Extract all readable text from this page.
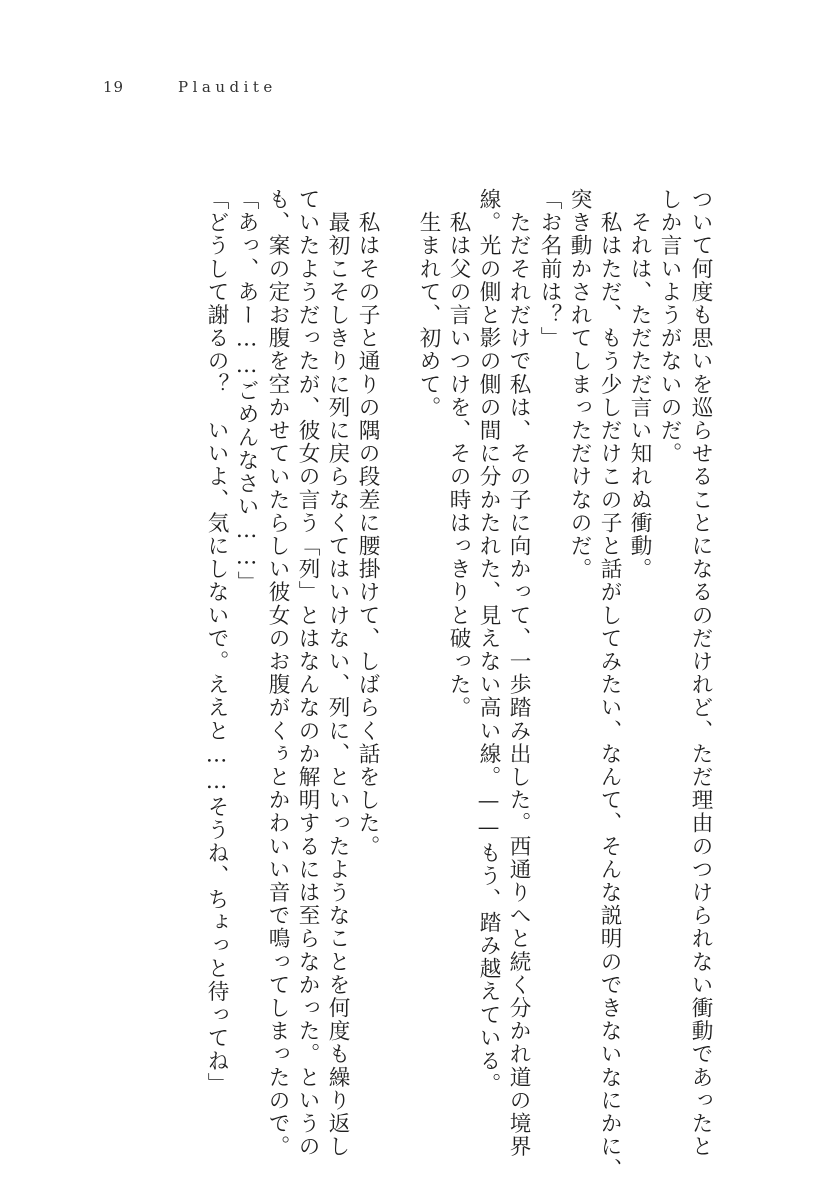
19	Plaudite
ついて何度も思いを巡らせることになるのだけれど、ただ理由のつけられない衝動であったと
しか言いようがないのだ。
　それは、ただただ言い知れぬ衝動。
　私はただ、もう少しだけこの子と話がしてみたい、なんて、そんな説明のできないなにかに、
突き動かされてしまっただけなのだ。
「お名前は？」
　ただそれだけで私は、その子に向かって、一歩踏み出した。西通りへと続く分かれ道の境界
線。光の側と影の側の間に分かたれた、見えない高い線。——もう、踏み越えている。
　私は父の言いつけを、その時はっきりと破った。
　生まれて、初めて。
　私はその子と通りの隅の段差に腰掛けて、しばらく話をした。
　最初こそしきりに列に戻らなくてはいけない、列に、といったようなことを何度も繰り返し
ていたようだったが、彼女の言う「列」とはなんなのか解明するには至らなかった。というの
も、案の定お腹を空かせていたらしい彼女のお腹がくぅとかわいい音で鳴ってしまったので。
「あっ、あー……ごめんなさい……」
「どうして謝るの？　いいよ、気にしないで。ええと……そうね、ちょっと待ってね」
